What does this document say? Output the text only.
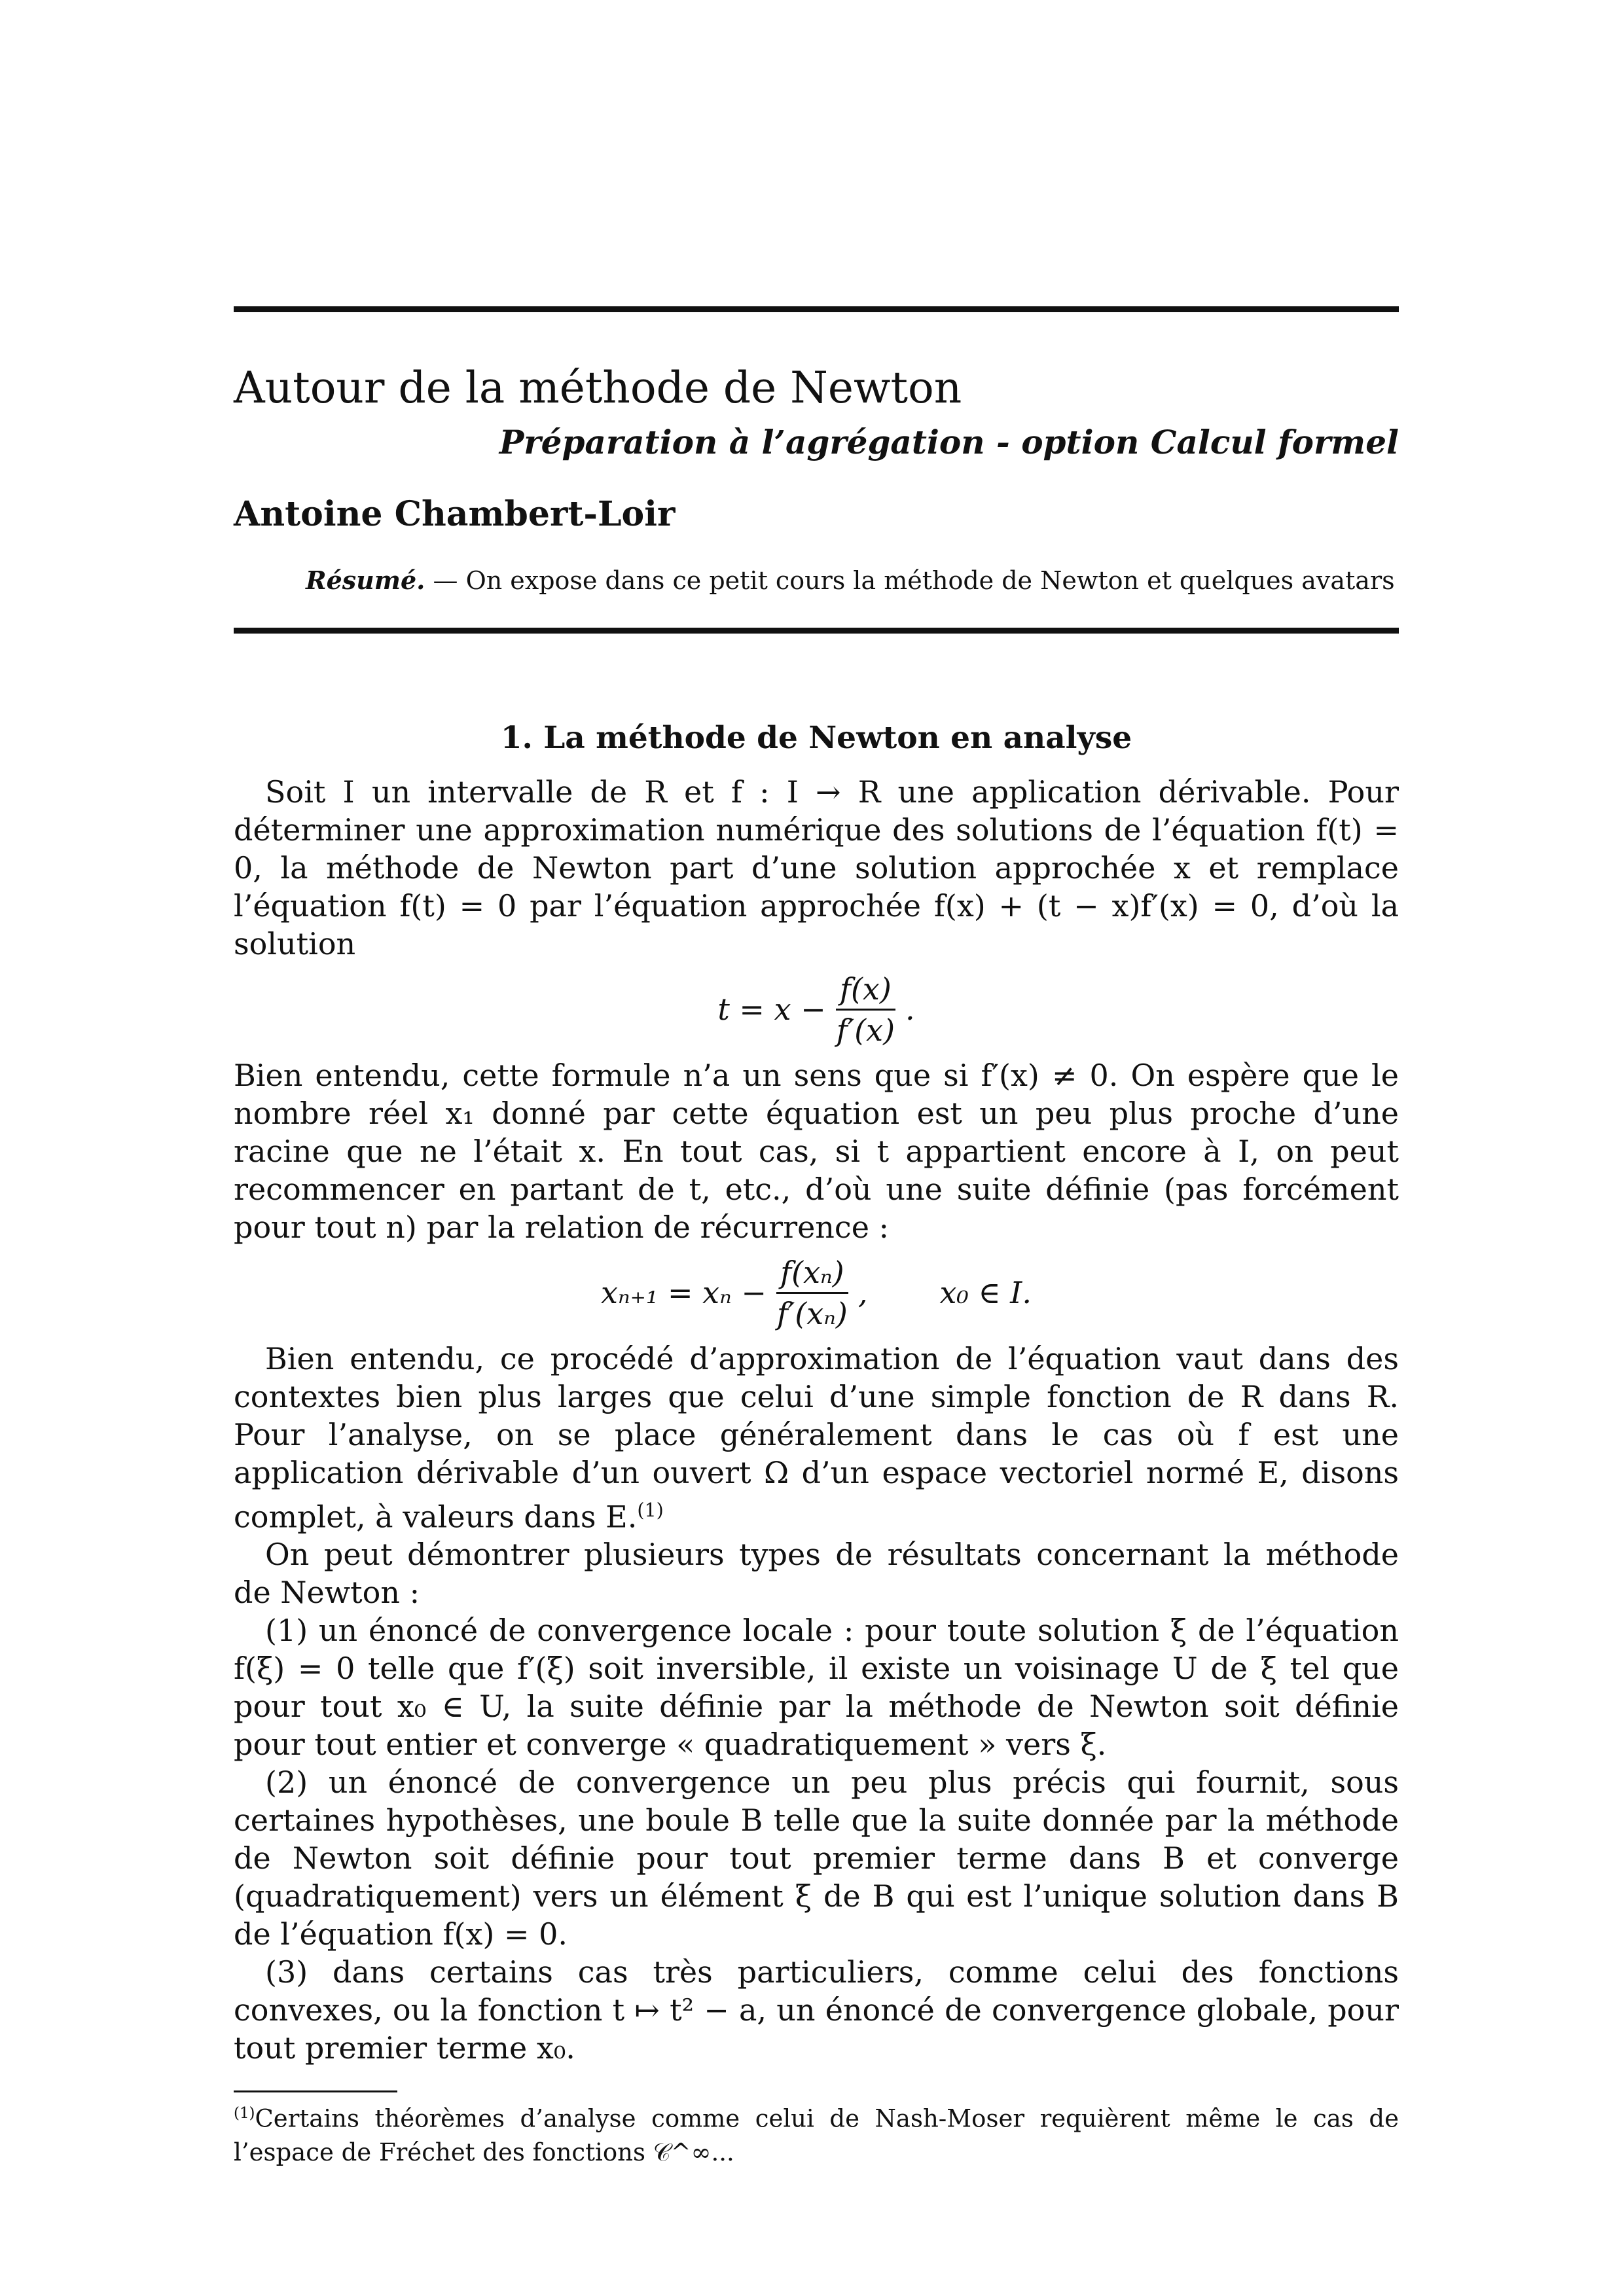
Autour de la méthode de Newton
Préparation à l’agrégation - option Calcul formel
Antoine Chambert-Loir
Résumé. — On expose dans ce petit cours la méthode de Newton et quelques avatars
1. La méthode de Newton en analyse

Soit I un intervalle de R et f : I → R une application dérivable. Pour déterminer une approximation numérique des solutions de l’équation f(t) = 0, la méthode de Newton part d’une solution approchée x et remplace l’équation f(t) = 0 par l’équation approchée f(x) + (t − x)f′(x) = 0, d’où la solution

$t = x - \frac{f(x)}{f'(x)}$ .

Bien entendu, cette formule n’a un sens que si f′(x) ≠ 0. On espère que le nombre réel x₁ donné par cette équation est un peu plus proche d’une racine que ne l’était x. En tout cas, si t appartient encore à I, on peut recommencer en partant de t, etc., d’où une suite définie (pas forcément pour tout n) par la relation de récurrence :

$x_{n+1} = x_n - \frac{\text{f(xₙ)}}{\text{f′(xₙ)}}$ , x₀ ∈ I.

Bien entendu, ce procédé d’approximation de l’équation vaut dans des contextes bien plus larges que celui d’une simple fonction de R dans R. Pour l’analyse, on se place généralement dans le cas où f est une application dérivable d’un ouvert Ω d’un espace vectoriel normé E, disons complet, à valeurs dans E.$^{(1)}$

On peut démontrer plusieurs types de résultats concernant la méthode de Newton :

(1) un énoncé de convergence locale : pour toute solution ξ de l’équation f(ξ) = 0 telle que f′(ξ) soit inversible, il existe un voisinage U de ξ tel que pour tout x₀ ∈ U, la suite définie par la méthode de Newton soit définie pour tout entier et converge « quadratiquement » vers ξ.

(2) un énoncé de convergence un peu plus précis qui fournit, sous certaines hypothèses, une boule B telle que la suite donnée par la méthode de Newton soit définie pour tout premier terme dans B et converge (quadratiquement) vers un élément ξ de B qui est l’unique solution dans B de l’équation f(x) = 0.

(3) dans certains cas très particuliers, comme celui des fonctions convexes, ou la fonction t ↦ t² − a, un énoncé de convergence globale, pour tout premier terme x₀.

$^{(1)}$Certains théorèmes d’analyse comme celui de Nash-Moser requièrent même le cas de l’espace de Fréchet des fonctions 𝒞^∞...
